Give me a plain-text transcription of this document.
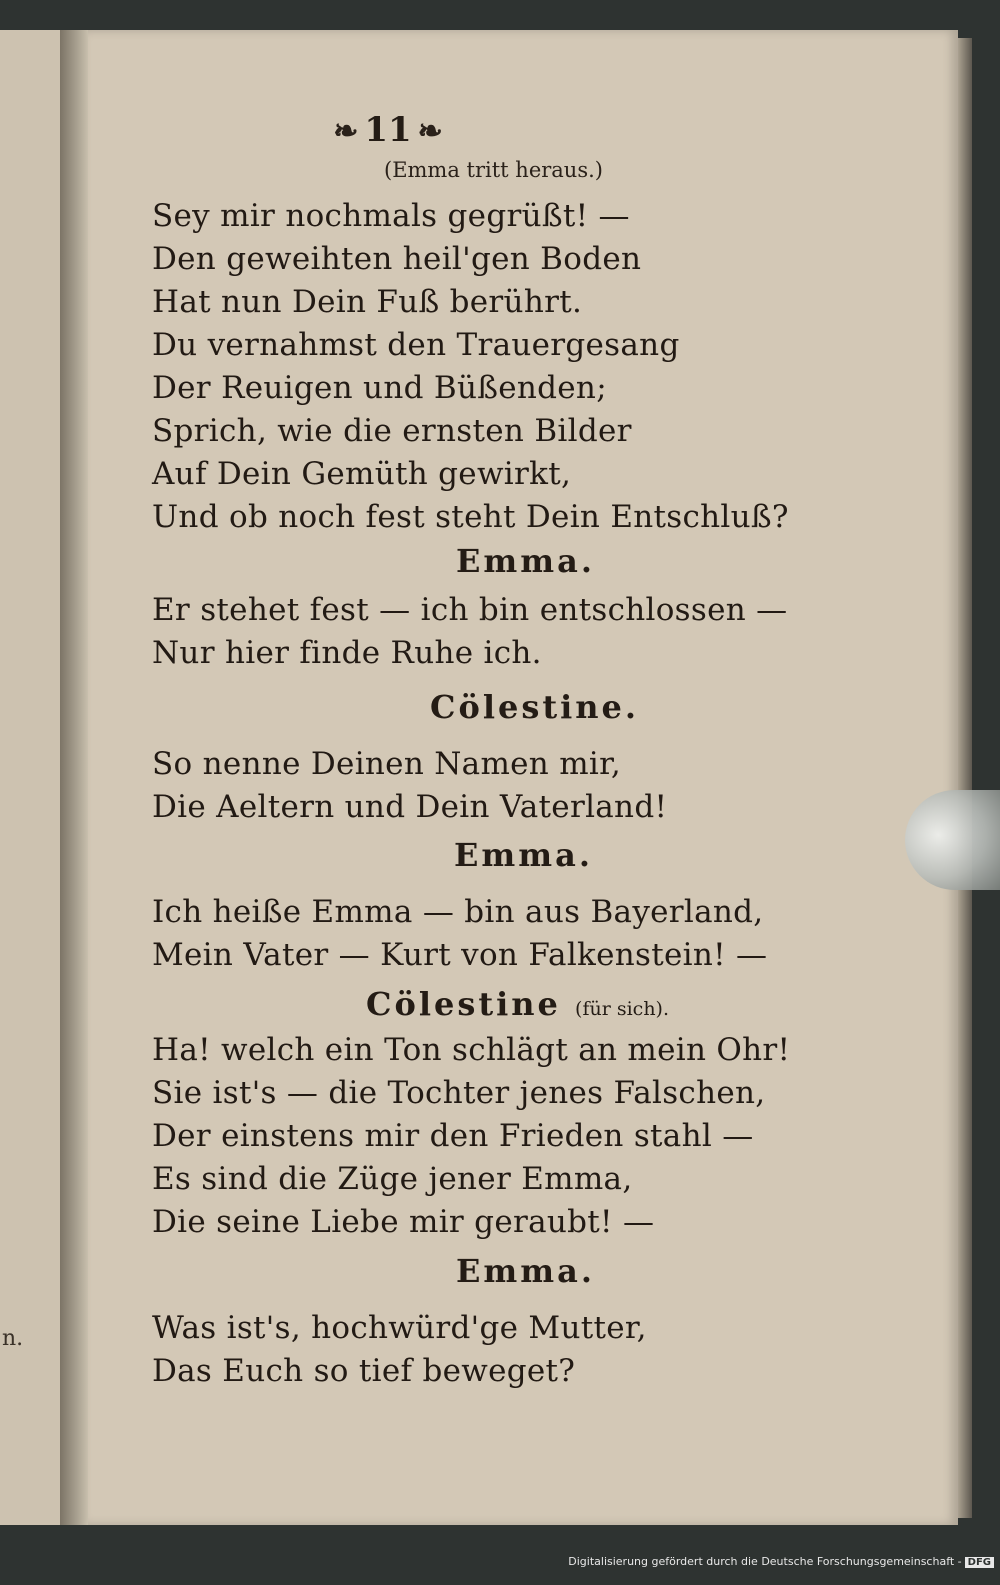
n.
❧ 11 ❧
(Emma tritt heraus.)
Sey mir nochmals gegrüßt! —
Den geweihten heil'gen Boden
Hat nun Dein Fuß berührt.
Du vernahmst den Trauergesang
Der Reuigen und Büßenden;
Sprich, wie die ernsten Bilder
Auf Dein Gemüth gewirkt,
Und ob noch fest steht Dein Entschluß?
Emma.
Er stehet fest — ich bin entschlossen —
Nur hier finde Ruhe ich.
Cölestine.
So nenne Deinen Namen mir,
Die Aeltern und Dein Vaterland!
Emma.
Ich heiße Emma — bin aus Bayerland,
Mein Vater — Kurt von Falkenstein! —
Cölestine (für sich).
Ha! welch ein Ton schlägt an mein Ohr!
Sie ist's — die Tochter jenes Falschen,
Der einstens mir den Frieden stahl —
Es sind die Züge jener Emma,
Die seine Liebe mir geraubt! —
Emma.
Was ist's, hochwürd'ge Mutter,
Das Euch so tief beweget?
Digitalisierung gefördert durch die Deutsche Forschungsgemeinschaft - DFG
